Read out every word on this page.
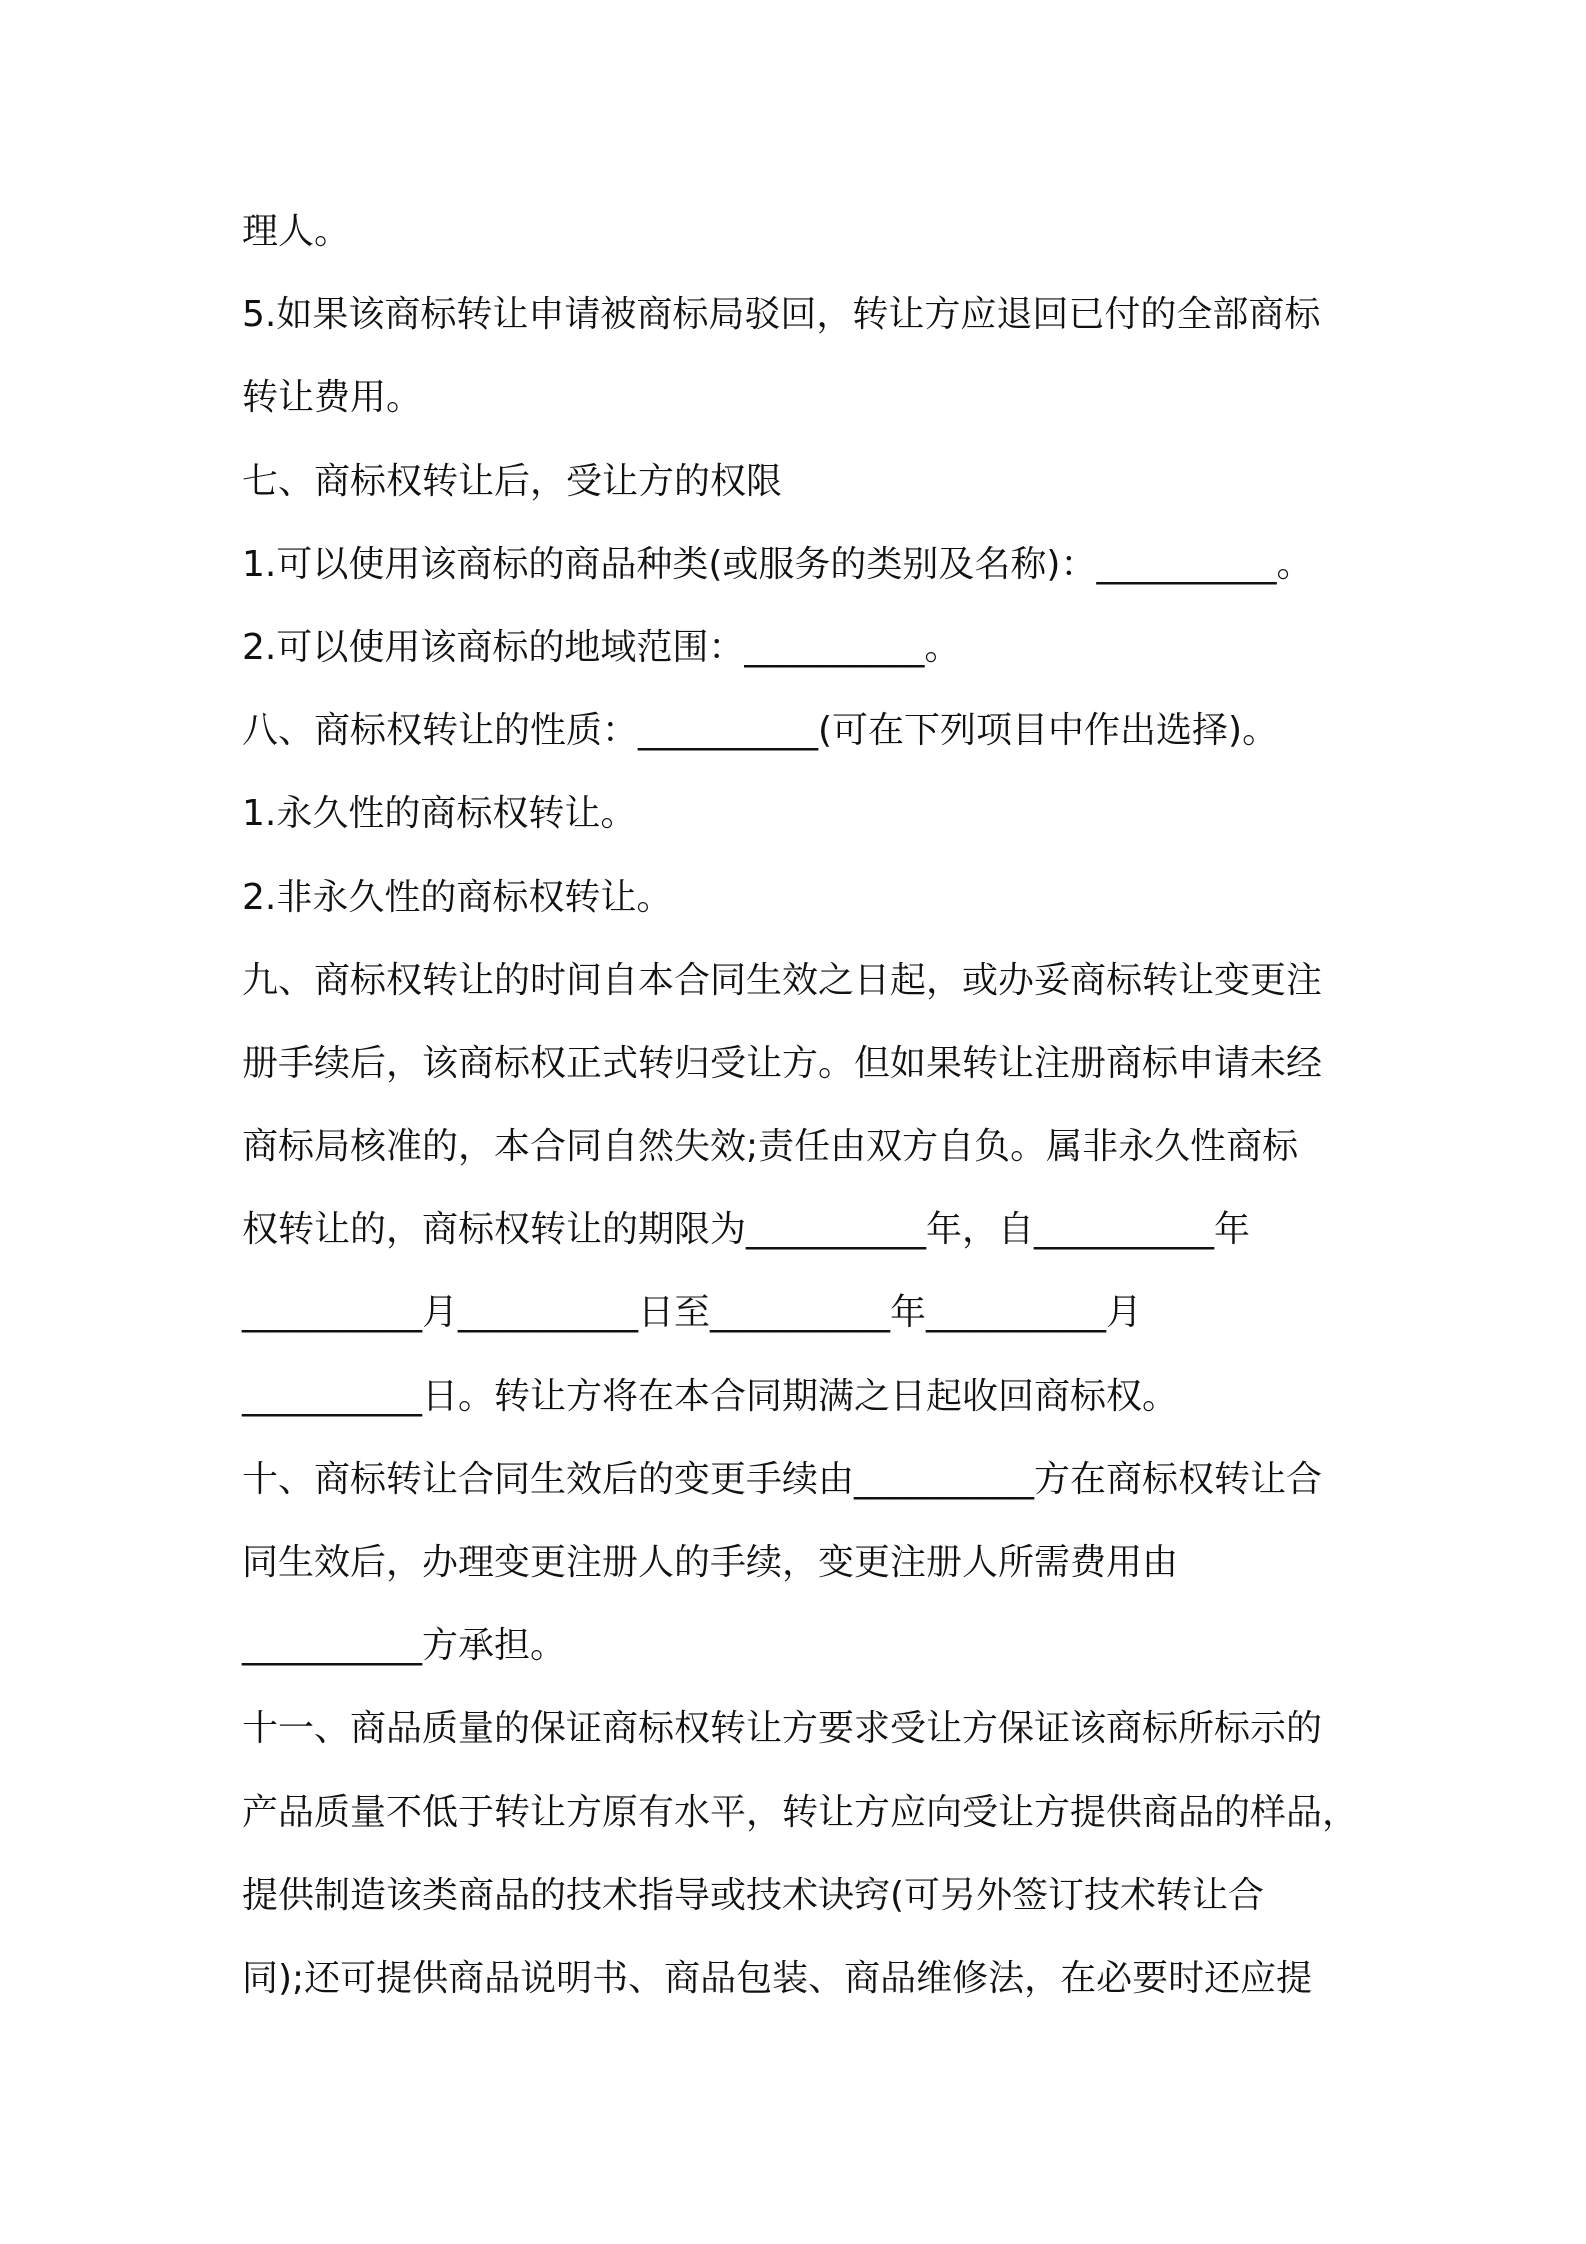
理人。
5.如果该商标转让申请被商标局驳回，转让方应退回已付的全部商标
转让费用。
七、商标权转让后，受让方的权限
1.可以使用该商标的商品种类(或服务的类别及名称)：__________。
2.可以使用该商标的地域范围：__________。
八、商标权转让的性质：__________(可在下列项目中作出选择)。
1.永久性的商标权转让。
2.非永久性的商标权转让。
九、商标权转让的时间自本合同生效之日起，或办妥商标转让变更注
册手续后，该商标权正式转归受让方。但如果转让注册商标申请未经
商标局核准的，本合同自然失效;责任由双方自负。属非永久性商标
权转让的，商标权转让的期限为__________年，自__________年
__________月__________日至__________年__________月
__________日。转让方将在本合同期满之日起收回商标权。
十、商标转让合同生效后的变更手续由__________方在商标权转让合
同生效后，办理变更注册人的手续，变更注册人所需费用由
__________方承担。
十一、商品质量的保证商标权转让方要求受让方保证该商标所标示的
产品质量不低于转让方原有水平，转让方应向受让方提供商品的样品，
提供制造该类商品的技术指导或技术诀窍(可另外签订技术转让合
同);还可提供商品说明书、商品包装、商品维修法，在必要时还应提
